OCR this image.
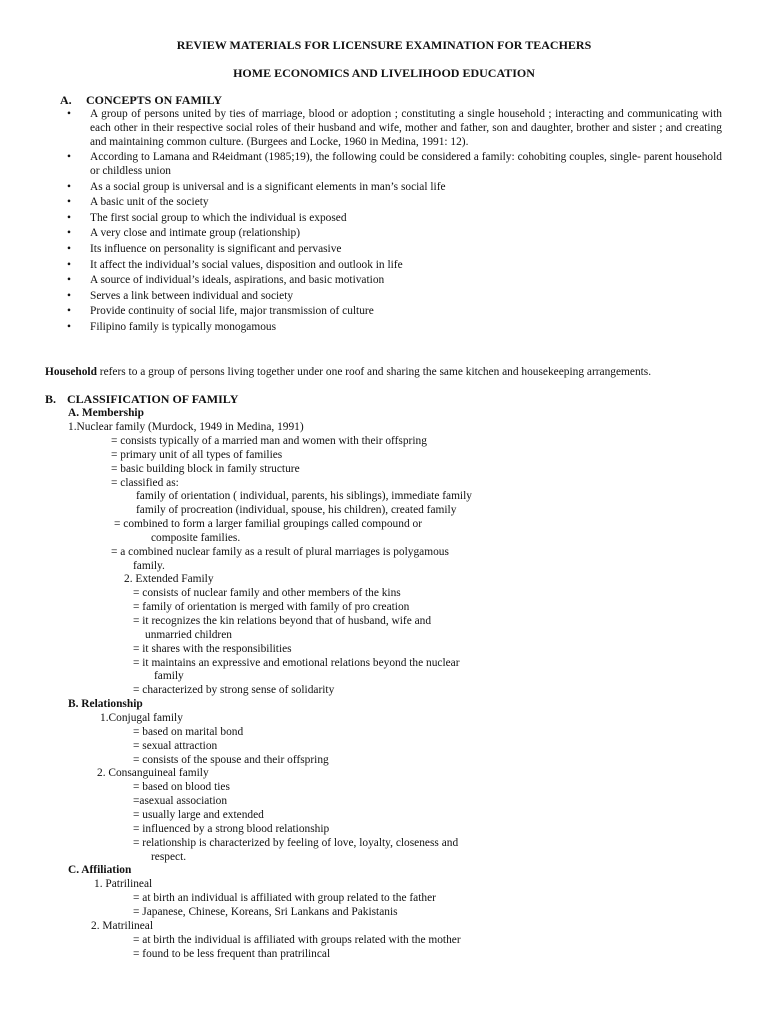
REVIEW MATERIALS FOR LICENSURE EXAMINATION FOR TEACHERS
HOME ECONOMICS AND LIVELIHOOD EDUCATION
A. CONCEPTS ON FAMILY
• A group of persons united by ties of marriage, blood or adoption ; constituting a single household ; interacting and communicating with each other in their respective social roles of their husband and wife, mother and father, son and daughter, brother and sister ; and creating and maintaining common culture. (Burgees and Locke, 1960 in Medina, 1991: 12).
• According to Lamana and R4eidmant (1985;19), the following could be considered a family: cohobiting couples, single- parent household or childless union
• As a social group is universal and is a significant elements in man’s social life
• A basic unit of the society
• The first social group to which the individual is exposed
• A very close and intimate group (relationship)
• Its influence on personality is significant and pervasive
• It affect the individual’s social values, disposition and outlook in life
• A source of individual’s ideals, aspirations, and basic motivation
• Serves a link between individual and society
• Provide continuity of social life, major transmission of culture
• Filipino family is typically monogamous
Household refers to a group of persons living together under one roof and sharing the same kitchen and housekeeping arrangements.
B. CLASSIFICATION OF FAMILY
A. Membership
1.Nuclear family (Murdock, 1949 in Medina, 1991)
= consists typically of a married man and women with their offspring
= primary unit of all types of families
= basic building block in family structure
= classified as:
family of orientation ( individual, parents, his siblings), immediate family
family of procreation (individual, spouse, his children), created family
= combined to form a larger familial groupings called compound or
composite families.
= a combined nuclear family as a result of plural marriages is polygamous
family.
2. Extended Family
= consists of nuclear family and other members of the kins
= family of orientation is merged with family of pro creation
= it recognizes the kin relations beyond that of husband, wife and
unmarried children
= it shares with the responsibilities
= it maintains an expressive and emotional relations beyond the nuclear
family
= characterized by strong sense of solidarity
B. Relationship
1.Conjugal family
= based on marital bond
= sexual attraction
= consists of the spouse and their offspring
2. Consanguineal family
= based on blood ties
=asexual association
= usually large and extended
= influenced by a strong blood relationship
= relationship is characterized by feeling of love, loyalty, closeness and
respect.
C. Affiliation
1. Patrilineal
= at birth an individual is affiliated with group related to the father
= Japanese, Chinese, Koreans, Sri Lankans and Pakistanis
2. Matrilineal
= at birth the individual is affiliated with groups related with the mother
= found to be less frequent than pratrilincal
